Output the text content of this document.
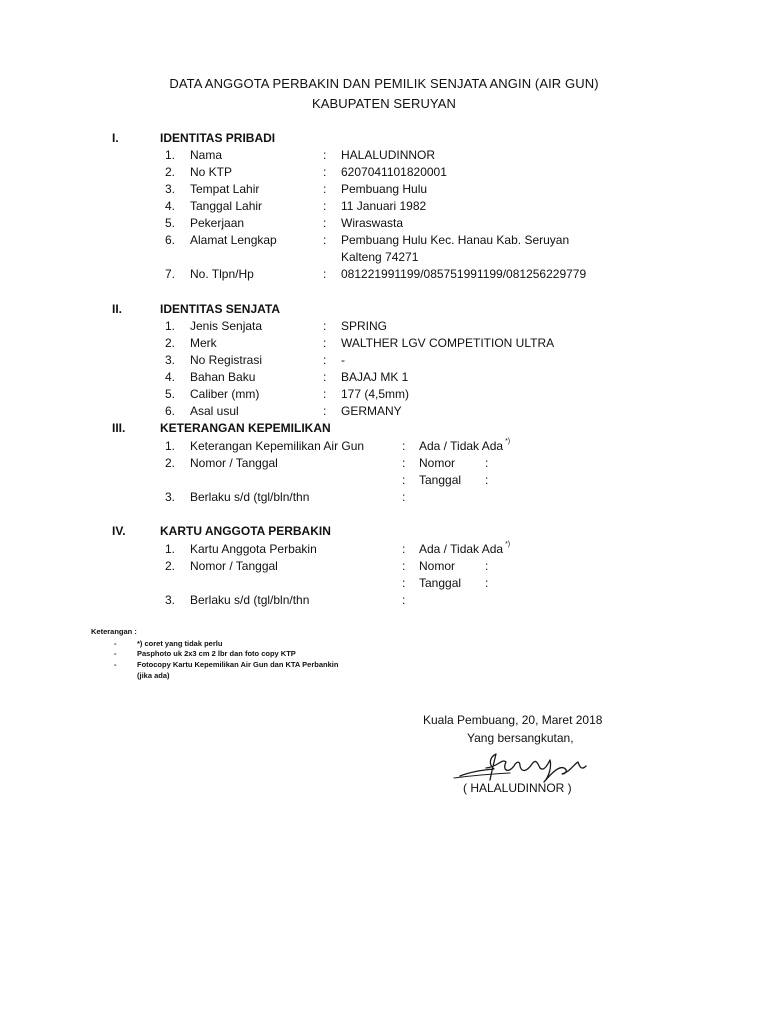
DATA ANGGOTA PERBAKIN DAN PEMILIK SENJATA ANGIN (AIR GUN)
KABUPATEN SERUYAN
I.	IDENTITAS PRIBADI
1. Nama	: HALALUDINNOR
2. No KTP	: 6207041101820001
3. Tempat Lahir	: Pembuang Hulu
4. Tanggal Lahir	: 11 Januari 1982
5. Pekerjaan	: Wiraswasta
6. Alamat Lengkap	: Pembuang Hulu Kec. Hanau Kab. Seruyan
Kalteng 74271
7. No. Tlpn/Hp	: 081221991199/085751991199/081256229779
II.	IDENTITAS SENJATA
1. Jenis Senjata	: SPRING
2. Merk	: WALTHER LGV COMPETITION ULTRA
3. No Registrasi	: -
4. Bahan Baku	: BAJAJ MK 1
5. Caliber (mm)	: 177 (4,5mm)
6. Asal usul	: GERMANY
III.	KETERANGAN KEPEMILIKAN
1. Keterangan Kepemilikan Air Gun	: Ada / Tidak Ada *)
2. Nomor / Tanggal	: Nomor :
: Tanggal :
3. Berlaku s/d (tgl/bln/thn	:
IV.	KARTU ANGGOTA PERBAKIN
1. Kartu Anggota Perbakin	: Ada / Tidak Ada *)
2. Nomor / Tanggal	: Nomor :
: Tanggal :
3. Berlaku s/d (tgl/bln/thn	:
Keterangan :
-	*) coret yang tidak perlu
-	Pasphoto uk 2x3 cm 2 lbr dan foto copy KTP
-	Fotocopy Kartu Kepemilikan Air Gun dan KTA Perbankin
(jika ada)
Kuala Pembuang, 20, Maret 2018
Yang bersangkutan,
( HALALUDINNOR )
